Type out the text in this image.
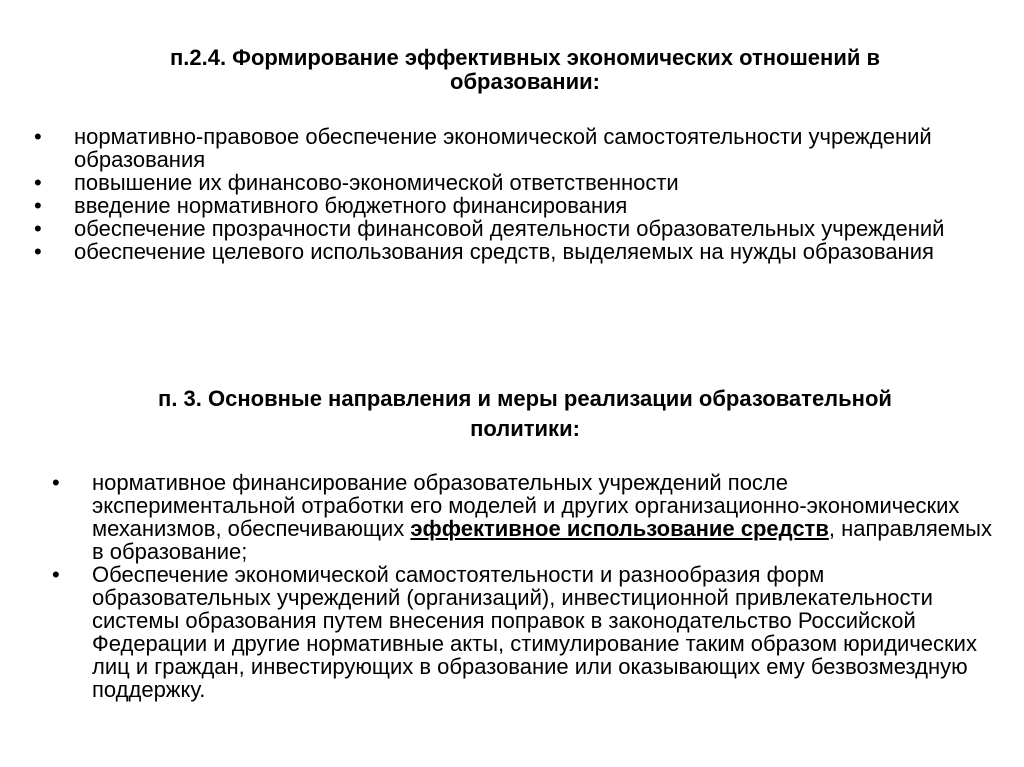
п.2.4. Формирование эффективных экономических отношений в образовании:
• нормативно-правовое обеспечение экономической самостоятельности учреждений образования
• повышение их финансово-экономической ответственности
• введение нормативного бюджетного финансирования
• обеспечение прозрачности финансовой деятельности образовательных учреждений
• обеспечение целевого использования средств, выделяемых на нужды образования
п. 3. Основные направления и меры реализации образовательной политики:
• нормативное финансирование образовательных учреждений после экспериментальной отработки его моделей и других организационно-экономических механизмов, обеспечивающих эффективное использование средств, направляемых в образование;
• Обеспечение экономической самостоятельности и разнообразия форм образовательных учреждений (организаций), инвестиционной привлекательности системы образования путем внесения поправок в законодательство Российской Федерации и другие нормативные акты, стимулирование таким образом юридических лиц и граждан, инвестирующих в образование или оказывающих ему безвозмездную поддержку.
